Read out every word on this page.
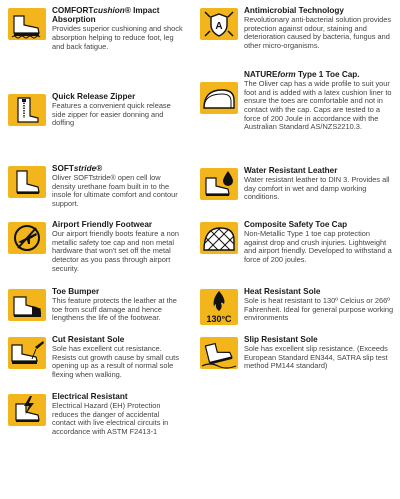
COMFORTcushion® Impact Absorption
Provides superior cushioning and shock absorption helping to reduce foot, leg and back fatigue.
Quick Release Zipper
Features a convenient quick release side zipper for easier donning and doffing
SOFTstride®
Oliver SOFTstride® open cell low density urethane foam built in to the insole for ultimate comfort and contour support.
Airport Friendly Footwear
Our airport friendly boots feature a non metallic safety toe cap and non metal hardware that won't set off the metal detector as you pass through airport security.
Toe Bumper
This feature protects the leather at the toe from scuff damage and hence lengthens the life of the footwear.
Cut Resistant Sole
Sole has excellent cut resistance. Resists cut growth cause by small cuts opening up as a result of normal sole flexing when walking.
Electrical Resistant
Electrical Hazard (EH) Protection reduces the danger of accidental contact with live electrical circuits in accordance with ASTM F2413-1
A
Antimicrobial Technology
Revolutionary anti-bacterial solution provides protection against odour, staining and deterioration caused by bacteria, fungus and other micro-organisms.
NATUREform Type 1 Toe Cap.
The Oliver cap has a wide profile to suit your foot and is added with a latex cushion liner to ensure the toes are comfortable and not in contact with the cap. Caps are tested to a force of 200 Joule in accordance with the Australian Standard AS/NZS2210.3.
Water Resistant Leather
Water resistant leather to DIN 3. Provides all day comfort in wet and damp working conditions.
Composite Safety Toe Cap
Non-Metallic Type 1 toe cap protection against drop and crush injuries. Lightweight and airport friendly. Developed to withstand a force of 200 joules.
130°C
Heat Resistant Sole
Sole is heat resistant to 130º Celcius or 266º Fahrenheit. Ideal for general purpose working environments
Slip Resistant Sole
Sole has excellent slip resistance. (Exceeds European Standard EN344, SATRA slip test method PM144 standard)
